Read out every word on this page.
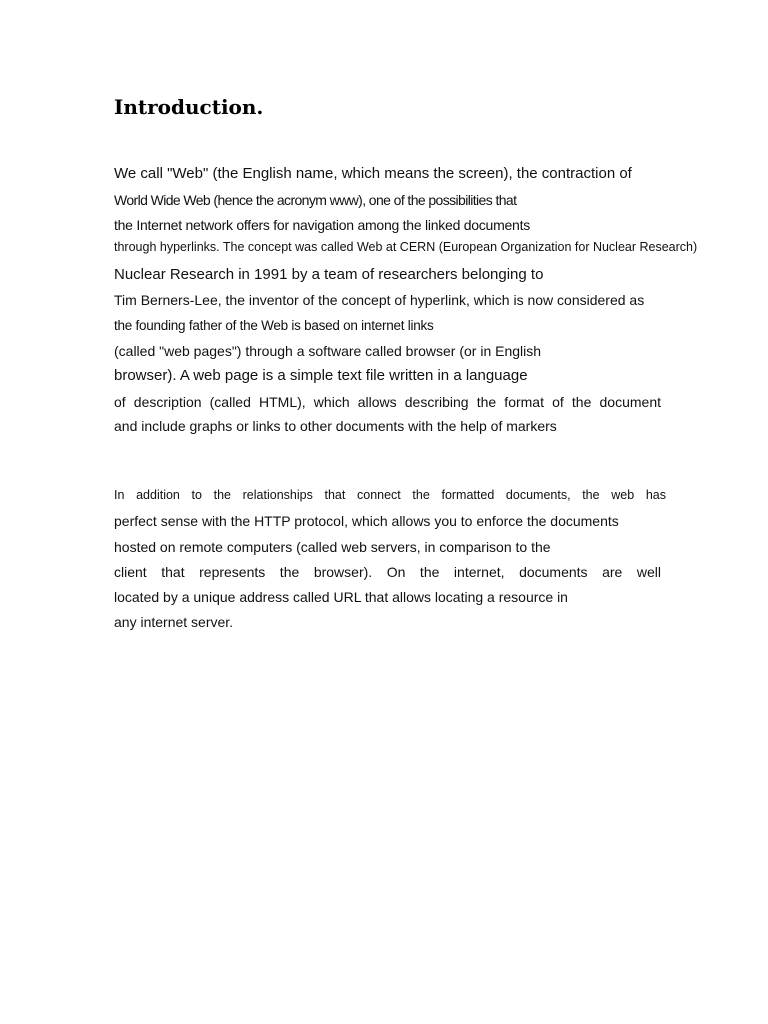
Introduction.

We call "Web" (the English name, which means the screen), the contraction of

World Wide Web (hence the acronym www), one of the possibilities that

the Internet network offers for navigation among the linked documents

through hyperlinks. The concept was called Web at CERN (European Organization for Nuclear Research)

Nuclear Research in 1991 by a team of researchers belonging to

Tim Berners-Lee, the inventor of the concept of hyperlink, which is now considered as

the founding father of the Web is based on internet links

(called "web pages") through a software called browser (or in English

browser). A web page is a simple text file written in a language

of description (called HTML), which allows describing the format of the document

and include graphs or links to other documents with the help of markers

In addition to the relationships that connect the formatted documents, the web has

perfect sense with the HTTP protocol, which allows you to enforce the documents

hosted on remote computers (called web servers, in comparison to the

client that represents the browser). On the internet, documents are well

located by a unique address called URL that allows locating a resource in

any internet server.
